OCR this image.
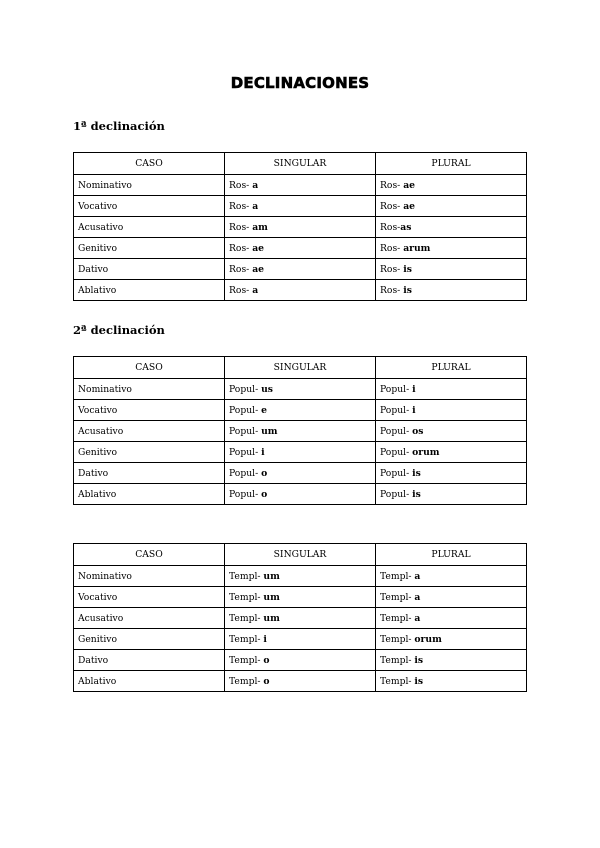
DECLINACIONES
1ª declinación
CASO	SINGULAR	PLURAL
Nominativo	Ros- a	Ros- ae
Vocativo	Ros- a	Ros- ae
Acusativo	Ros- am	Ros-as
Genitivo	Ros- ae	Ros- arum
Dativo	Ros- ae	Ros- is
Ablativo	Ros- a	Ros- is
2ª declinación
CASO	SINGULAR	PLURAL
Nominativo	Popul- us	Popul- i
Vocativo	Popul- e	Popul- i
Acusativo	Popul- um	Popul- os
Genitivo	Popul- i	Popul- orum
Dativo	Popul- o	Popul- is
Ablativo	Popul- o	Popul- is
CASO	SINGULAR	PLURAL
Nominativo	Templ- um	Templ- a
Vocativo	Templ- um	Templ- a
Acusativo	Templ- um	Templ- a
Genitivo	Templ- i	Templ- orum
Dativo	Templ- o	Templ- is
Ablativo	Templ- o	Templ- is
